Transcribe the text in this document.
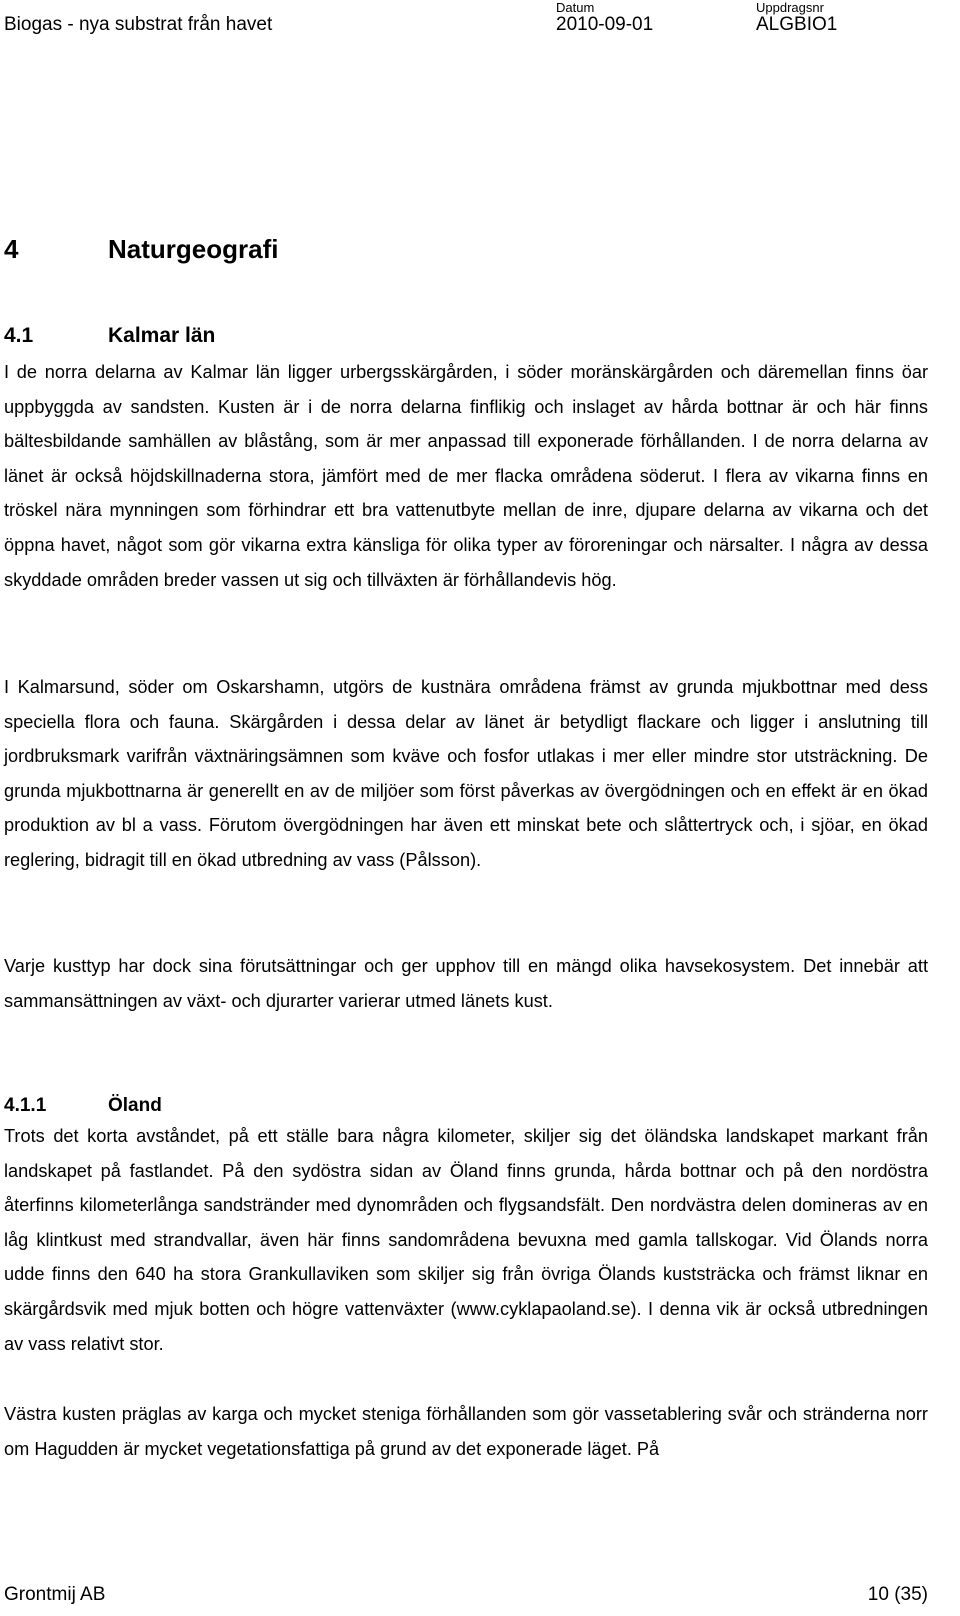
Biogas - nya substrat från havet
Datum
2010-09-01
Uppdragsnr
ALGBIO1
4	Naturgeografi
4.1	Kalmar län

I de norra delarna av Kalmar län ligger urbergsskärgården, i söder moränskärgården och däremellan finns öar uppbyggda av sandsten. Kusten är i de norra delarna finflikig och inslaget av hårda bottnar är och här finns bältesbildande samhällen av blåstång, som är mer anpassad till exponerade förhållanden. I de norra delarna av länet är också höjdskillnaderna stora, jämfört med de mer flacka områdena söderut. I flera av vikarna finns en tröskel nära mynningen som förhindrar ett bra vattenutbyte mellan de inre, djupare delarna av vikarna och det öppna havet, något som gör vikarna extra känsliga för olika typer av föroreningar och närsalter. I några av dessa skyddade områden breder vassen ut sig och tillväxten är förhållandevis hög.

I Kalmarsund, söder om Oskarshamn, utgörs de kustnära områdena främst av grunda mjukbottnar med dess speciella flora och fauna. Skärgården i dessa delar av länet är betydligt flackare och ligger i anslutning till jordbruksmark varifrån växtnäringsämnen som kväve och fosfor utlakas i mer eller mindre stor utsträckning. De grunda mjukbottnarna är generellt en av de miljöer som först påverkas av övergödningen och en effekt är en ökad produktion av bl a vass. Förutom övergödningen har även ett minskat bete och slåttertryck och, i sjöar, en ökad reglering, bidragit till en ökad utbredning av vass (Pålsson).

Varje kusttyp har dock sina förutsättningar och ger upphov till en mängd olika havsekosystem. Det innebär att sammansättningen av växt- och djurarter varierar utmed länets kust.

4.1.1	Öland

Trots det korta avståndet, på ett ställe bara några kilometer, skiljer sig det öländska landskapet markant från landskapet på fastlandet. På den sydöstra sidan av Öland finns grunda, hårda bottnar och på den nordöstra återfinns kilometerlånga sandstränder med dynområden och flygsandsfält. Den nordvästra delen domineras av en låg klintkust med strandvallar, även här finns sandområdena bevuxna med gamla tallskogar. Vid Ölands norra udde finns den 640 ha stora Grankullaviken som skiljer sig från övriga Ölands kuststräcka och främst liknar en skärgårdsvik med mjuk botten och högre vattenväxter (www.cyklapaoland.se). I denna vik är också utbredningen av vass relativt stor.

Västra kusten präglas av karga och mycket steniga förhållanden som gör vassetablering svår och stränderna norr om Hagudden är mycket vegetationsfattiga på grund av det exponerade läget. På

Grontmij AB	10 (35)
